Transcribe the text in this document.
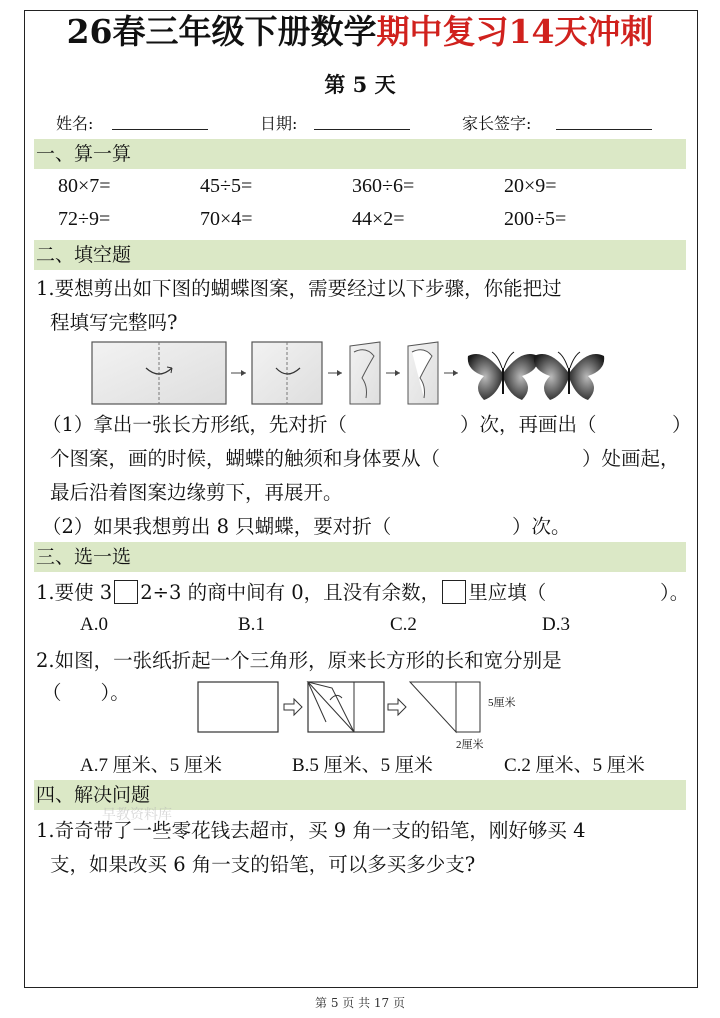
26春三年级下册数学期中复习14天冲刺
第 5 天
姓名:	日期:	家长签字:
一、算一算
80×7=	45÷5=	360÷6=	20×9=
72÷9=	70×4=	44×2=	200÷5=
二、填空题
1.要想剪出如下图的蝴蝶图案，需要经过以下步骤，你能把过
程填写完整吗?
（1）拿出一张长方形纸，先对折（	）次，再画出（	）
个图案，画的时候，蝴蝶的触须和身体要从（	）处画起，
最后沿着图案边缘剪下，再展开。
（2）如果我想剪出 8 只蝴蝶，要对折（	）次。
三、选一选
1.要使 3 2÷3 的商中间有 0，且没有余数， 里应填（	）。
A.0	B.1	C.2	D.3
2.如图，一张纸折起一个三角形，原来长方形的长和宽分别是
（　　）。	5厘米
2厘米
A.7 厘米、5 厘米	B.5 厘米、5 厘米	C.2 厘米、5 厘米
四、解决问题
早教资料库
1.奇奇带了一些零花钱去超市，买 9 角一支的铅笔，刚好够买 4
支，如果改买 6 角一支的铅笔，可以多买多少支?
第 5 页 共 17 页
